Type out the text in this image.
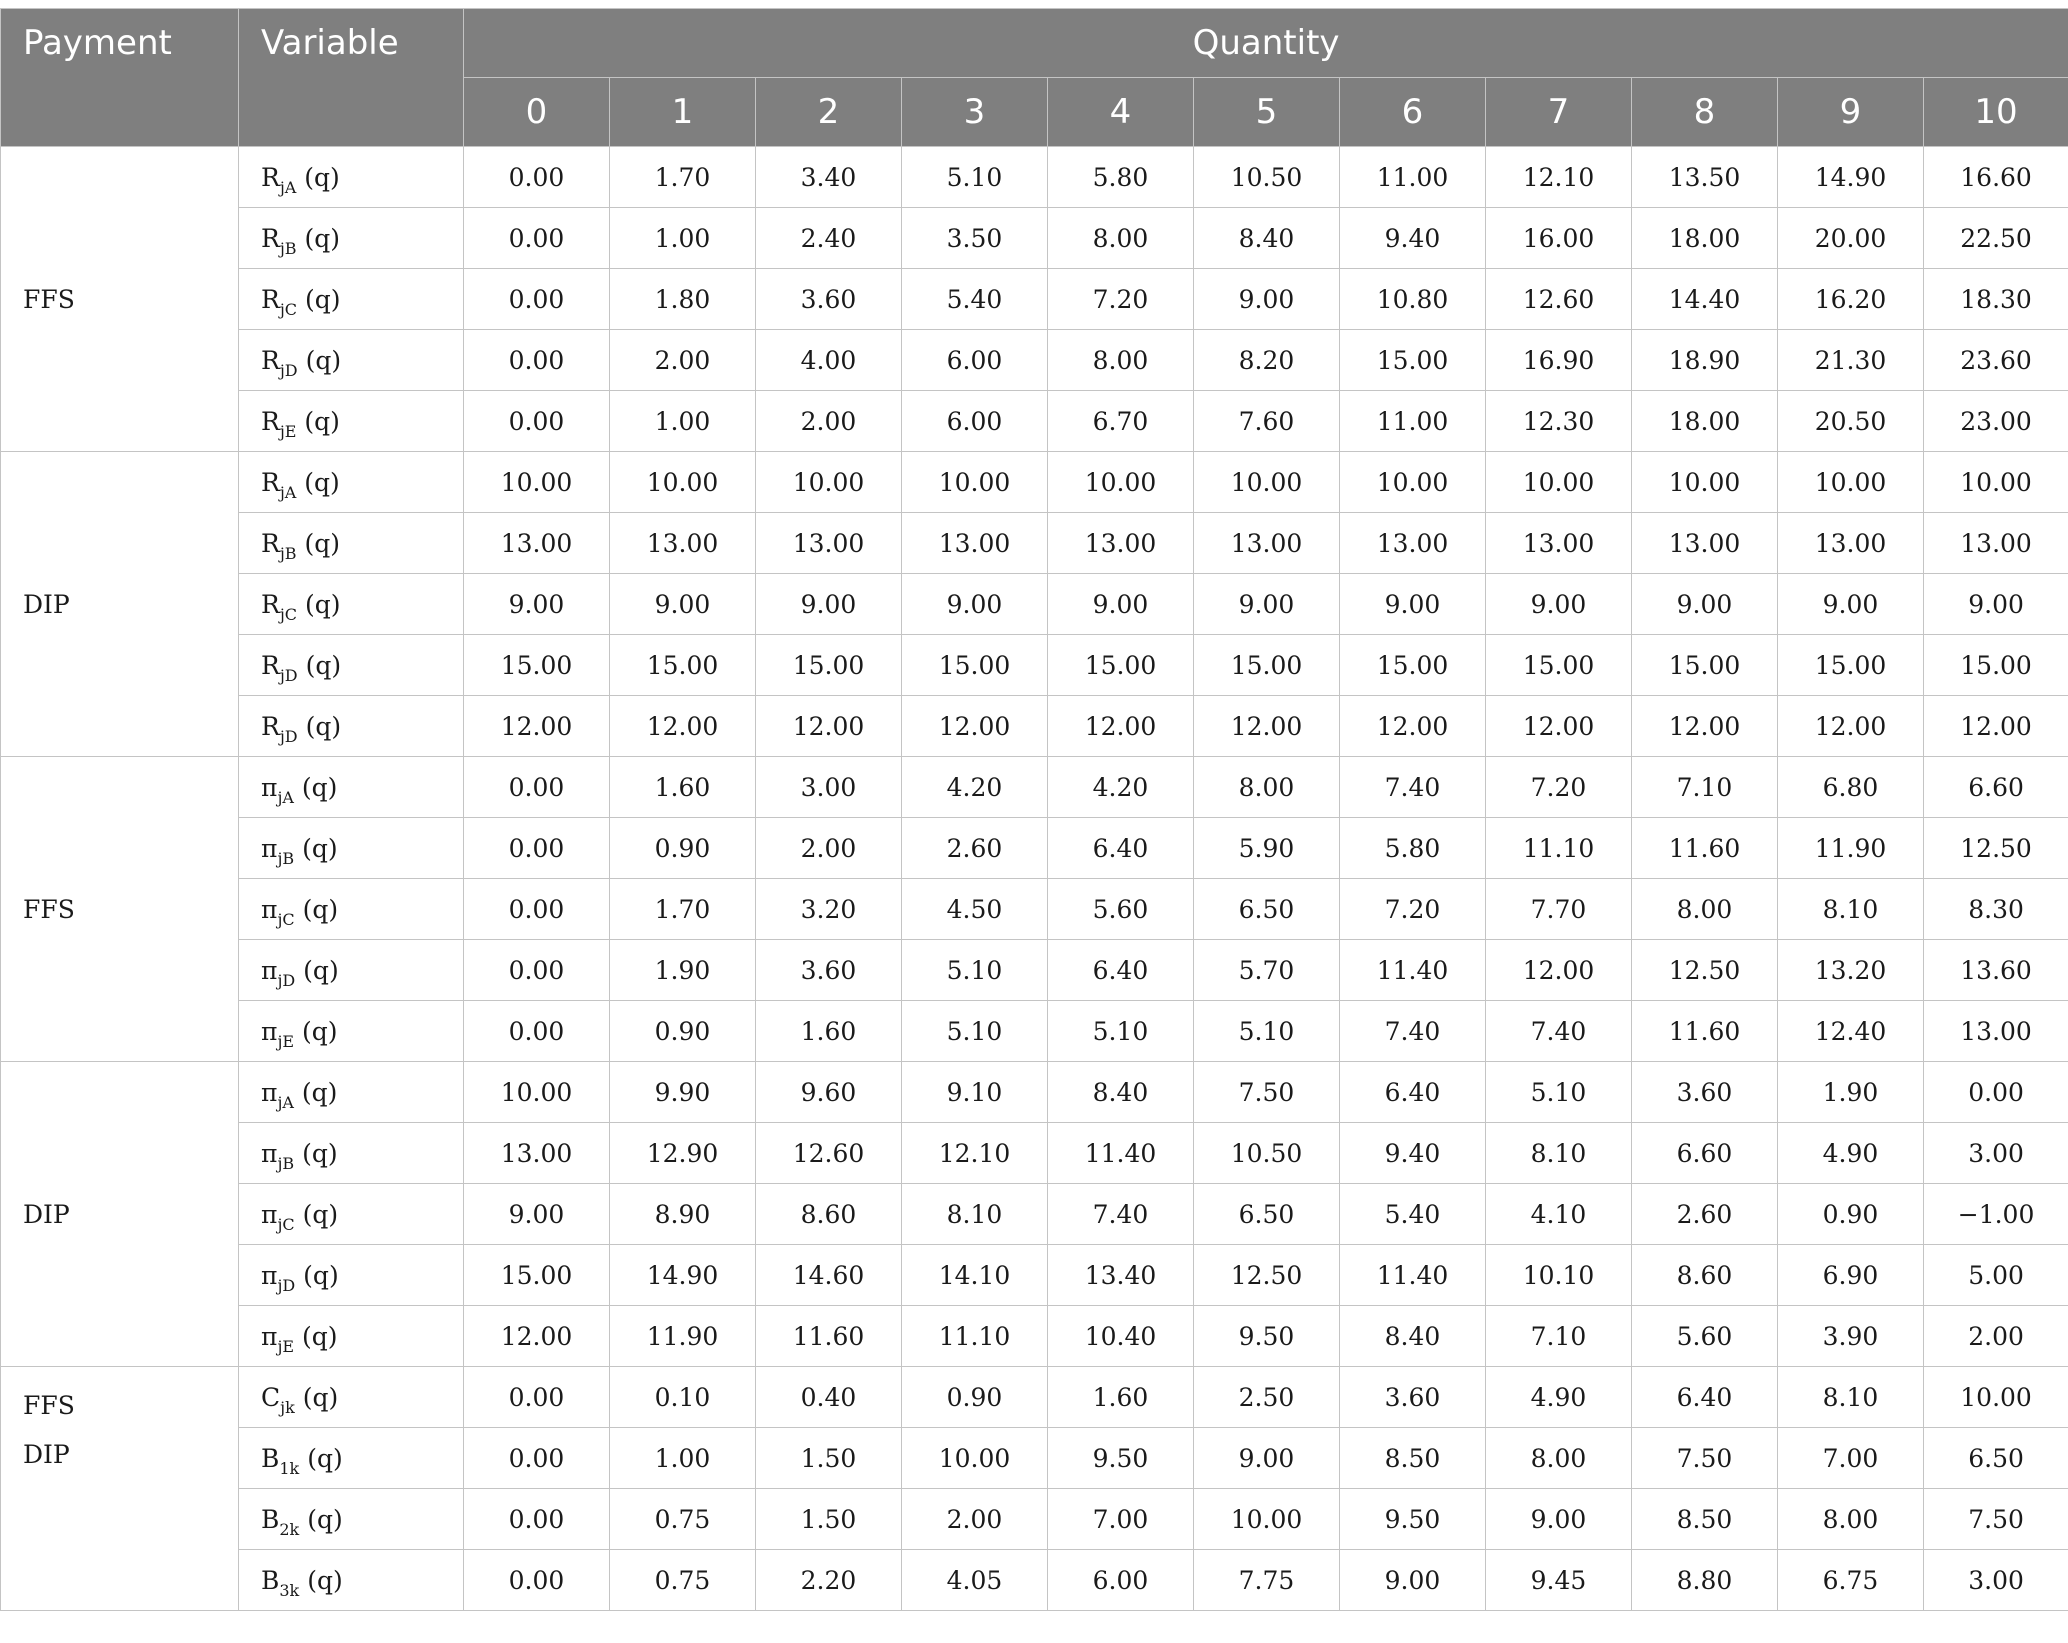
Payment	Variable	Quantity										
		0	1	2	3	4	5	6	7	8	9	10

FFS	$R_{jA}$ (q)	0.00	1.70	3.40	5.10	5.80	10.50	11.00	12.10	13.50	14.90	16.60
	$R_{jB}$ (q)	0.00	1.00	2.40	3.50	8.00	8.40	9.40	16.00	18.00	20.00	22.50
	$R_{jC}$ (q)	0.00	1.80	3.60	5.40	7.20	9.00	10.80	12.60	14.40	16.20	18.30
	$R_{jD}$ (q)	0.00	2.00	4.00	6.00	8.00	8.20	15.00	16.90	18.90	21.30	23.60
	$R_{jE}$ (q)	0.00	1.00	2.00	6.00	6.70	7.60	11.00	12.30	18.00	20.50	23.00

DIP	$R_{jA}$ (q)	10.00	10.00	10.00	10.00	10.00	10.00	10.00	10.00	10.00	10.00	10.00
	$R_{jB}$ (q)	13.00	13.00	13.00	13.00	13.00	13.00	13.00	13.00	13.00	13.00	13.00
	$R_{jC}$ (q)	9.00	9.00	9.00	9.00	9.00	9.00	9.00	9.00	9.00	9.00	9.00
	$R_{jD}$ (q)	15.00	15.00	15.00	15.00	15.00	15.00	15.00	15.00	15.00	15.00	15.00
	$R_{jD}$ (q)	12.00	12.00	12.00	12.00	12.00	12.00	12.00	12.00	12.00	12.00	12.00

FFS	$\pi_{jA}$ (q)	0.00	1.60	3.00	4.20	4.20	8.00	7.40	7.20	7.10	6.80	6.60
	$\pi_{jB}$ (q)	0.00	0.90	2.00	2.60	6.40	5.90	5.80	11.10	11.60	11.90	12.50
	$\pi_{jC}$ (q)	0.00	1.70	3.20	4.50	5.60	6.50	7.20	7.70	8.00	8.10	8.30
	$\pi_{jD}$ (q)	0.00	1.90	3.60	5.10	6.40	5.70	11.40	12.00	12.50	13.20	13.60
	$\pi_{jE}$ (q)	0.00	0.90	1.60	5.10	5.10	5.10	7.40	7.40	11.60	12.40	13.00

DIP	$\pi_{jA}$ (q)	10.00	9.90	9.60	9.10	8.40	7.50	6.40	5.10	3.60	1.90	0.00
	$\pi_{jB}$ (q)	13.00	12.90	12.60	12.10	11.40	10.50	9.40	8.10	6.60	4.90	3.00
	$\pi_{jC}$ (q)	9.00	8.90	8.60	8.10	7.40	6.50	5.40	4.10	2.60	0.90	−1.00
	$\pi_{jD}$ (q)	15.00	14.90	14.60	14.10	13.40	12.50	11.40	10.10	8.60	6.90	5.00
	$\pi_{jE}$ (q)	12.00	11.90	11.60	11.10	10.40	9.50	8.40	7.10	5.60	3.90	2.00

FFS
DIP	$C_{jk}$ (q)	0.00	0.10	0.40	0.90	1.60	2.50	3.60	4.90	6.40	8.10	10.00
	$B_{1k}$ (q)	0.00	1.00	1.50	10.00	9.50	9.00	8.50	8.00	7.50	7.00	6.50
	$B_{2k}$ (q)	0.00	0.75	1.50	2.00	7.00	10.00	9.50	9.00	8.50	8.00	7.50
	$B_{3k}$ (q)	0.00	0.75	2.20	4.05	6.00	7.75	9.00	9.45	8.80	6.75	3.00
